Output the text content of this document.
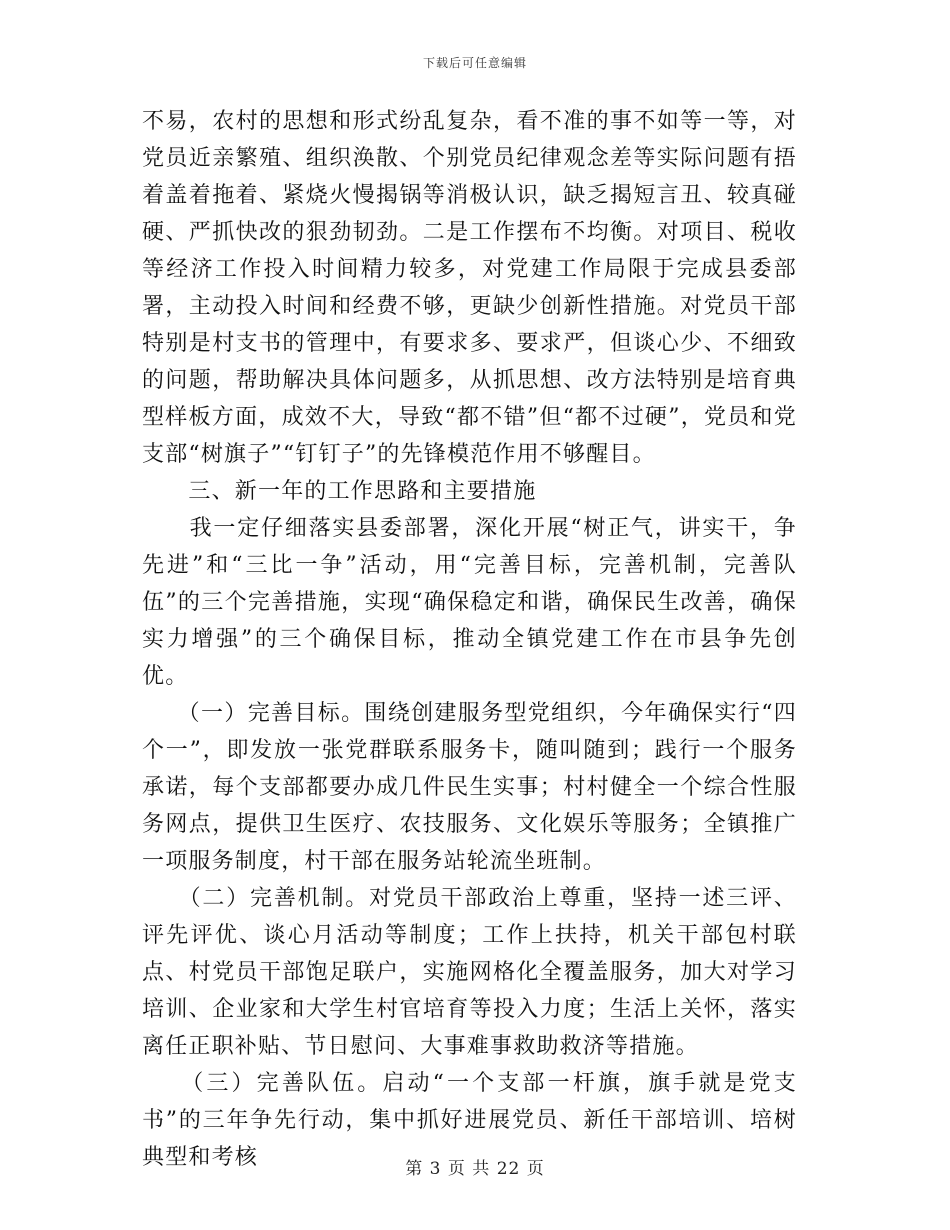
下载后可任意编辑

不易，农村的思想和形式纷乱复杂，看不准的事不如等一等，对党员近亲繁殖、组织涣散、个别党员纪律观念差等实际问题有捂着盖着拖着、紧烧火慢揭锅等消极认识，缺乏揭短言丑、较真碰硬、严抓快改的狠劲韧劲。二是工作摆布不均衡。对项目、税收等经济工作投入时间精力较多，对党建工作局限于完成县委部署，主动投入时间和经费不够，更缺少创新性措施。对党员干部特别是村支书的管理中，有要求多、要求严，但谈心少、不细致的问题，帮助解决具体问题多，从抓思想、改方法特别是培育典型样板方面，成效不大，导致“都不错”但“都不过硬”，党员和党支部“树旗子”“钉钉子”的先锋模范作用不够醒目。

　　三、新一年的工作思路和主要措施

　　我一定仔细落实县委部署，深化开展“树正气，讲实干，争先进”和“三比一争”活动，用“完善目标，完善机制，完善队伍”的三个完善措施，实现“确保稳定和谐，确保民生改善，确保实力增强”的三个确保目标，推动全镇党建工作在市县争先创优。

　　（一）完善目标。围绕创建服务型党组织，今年确保实行“四个一”，即发放一张党群联系服务卡，随叫随到；践行一个服务承诺，每个支部都要办成几件民生实事；村村健全一个综合性服务网点，提供卫生医疗、农技服务、文化娱乐等服务；全镇推广一项服务制度，村干部在服务站轮流坐班制。

　　（二）完善机制。对党员干部政治上尊重，坚持一述三评、评先评优、谈心月活动等制度；工作上扶持，机关干部包村联点、村党员干部饱足联户，实施网格化全覆盖服务，加大对学习培训、企业家和大学生村官培育等投入力度；生活上关怀，落实离任正职补贴、节日慰问、大事难事救助救济等措施。

　　（三）完善队伍。启动“一个支部一杆旗，旗手就是党支书”的三年争先行动，集中抓好进展党员、新任干部培训、培树典型和考核	第 3 页 共 22 页
